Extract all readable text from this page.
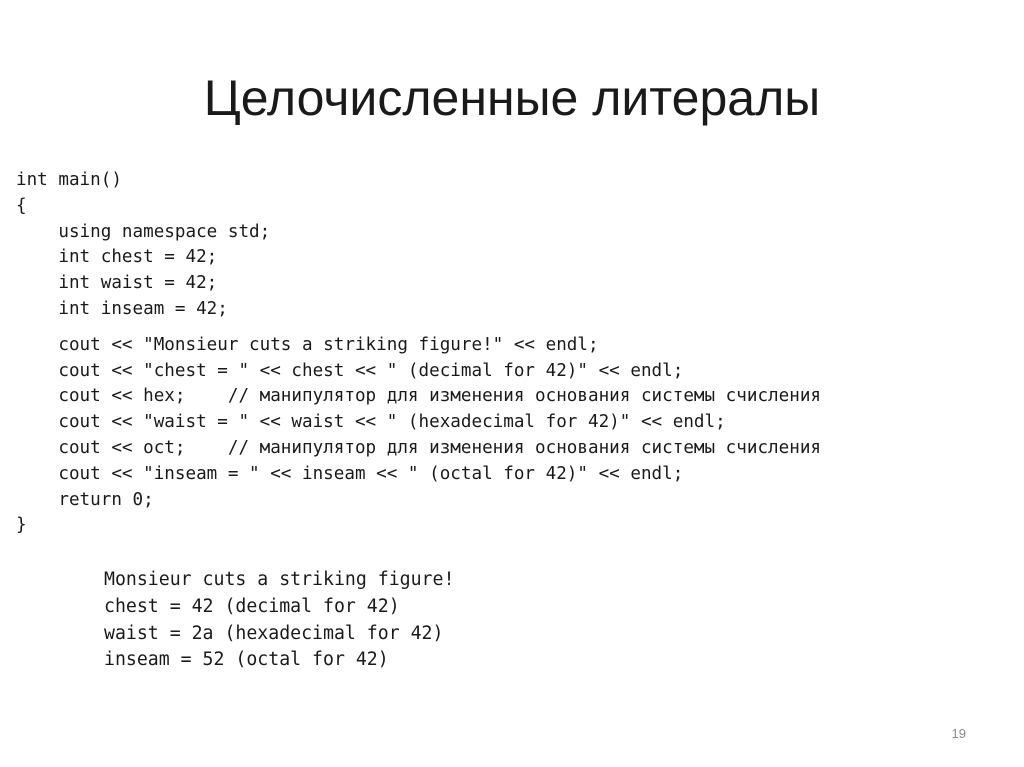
Целочисленные литералы
int main()
{
using namespace std;
int chest = 42;
int waist = 42;
int inseam = 42;
cout << "Monsieur cuts a striking figure!" << endl;
cout << "chest = " << chest << " (decimal for 42)" << endl;
cout << hex;    // манипулятор для изменения основания системы счисления
cout << "waist = " << waist << " (hexadecimal for 42)" << endl;
cout << oct;    // манипулятор для изменения основания системы счисления
cout << "inseam = " << inseam << " (octal for 42)" << endl;
return 0;
}
Monsieur cuts a striking figure!
chest = 42 (decimal for 42)
waist = 2a (hexadecimal for 42)
inseam = 52 (octal for 42)
19
